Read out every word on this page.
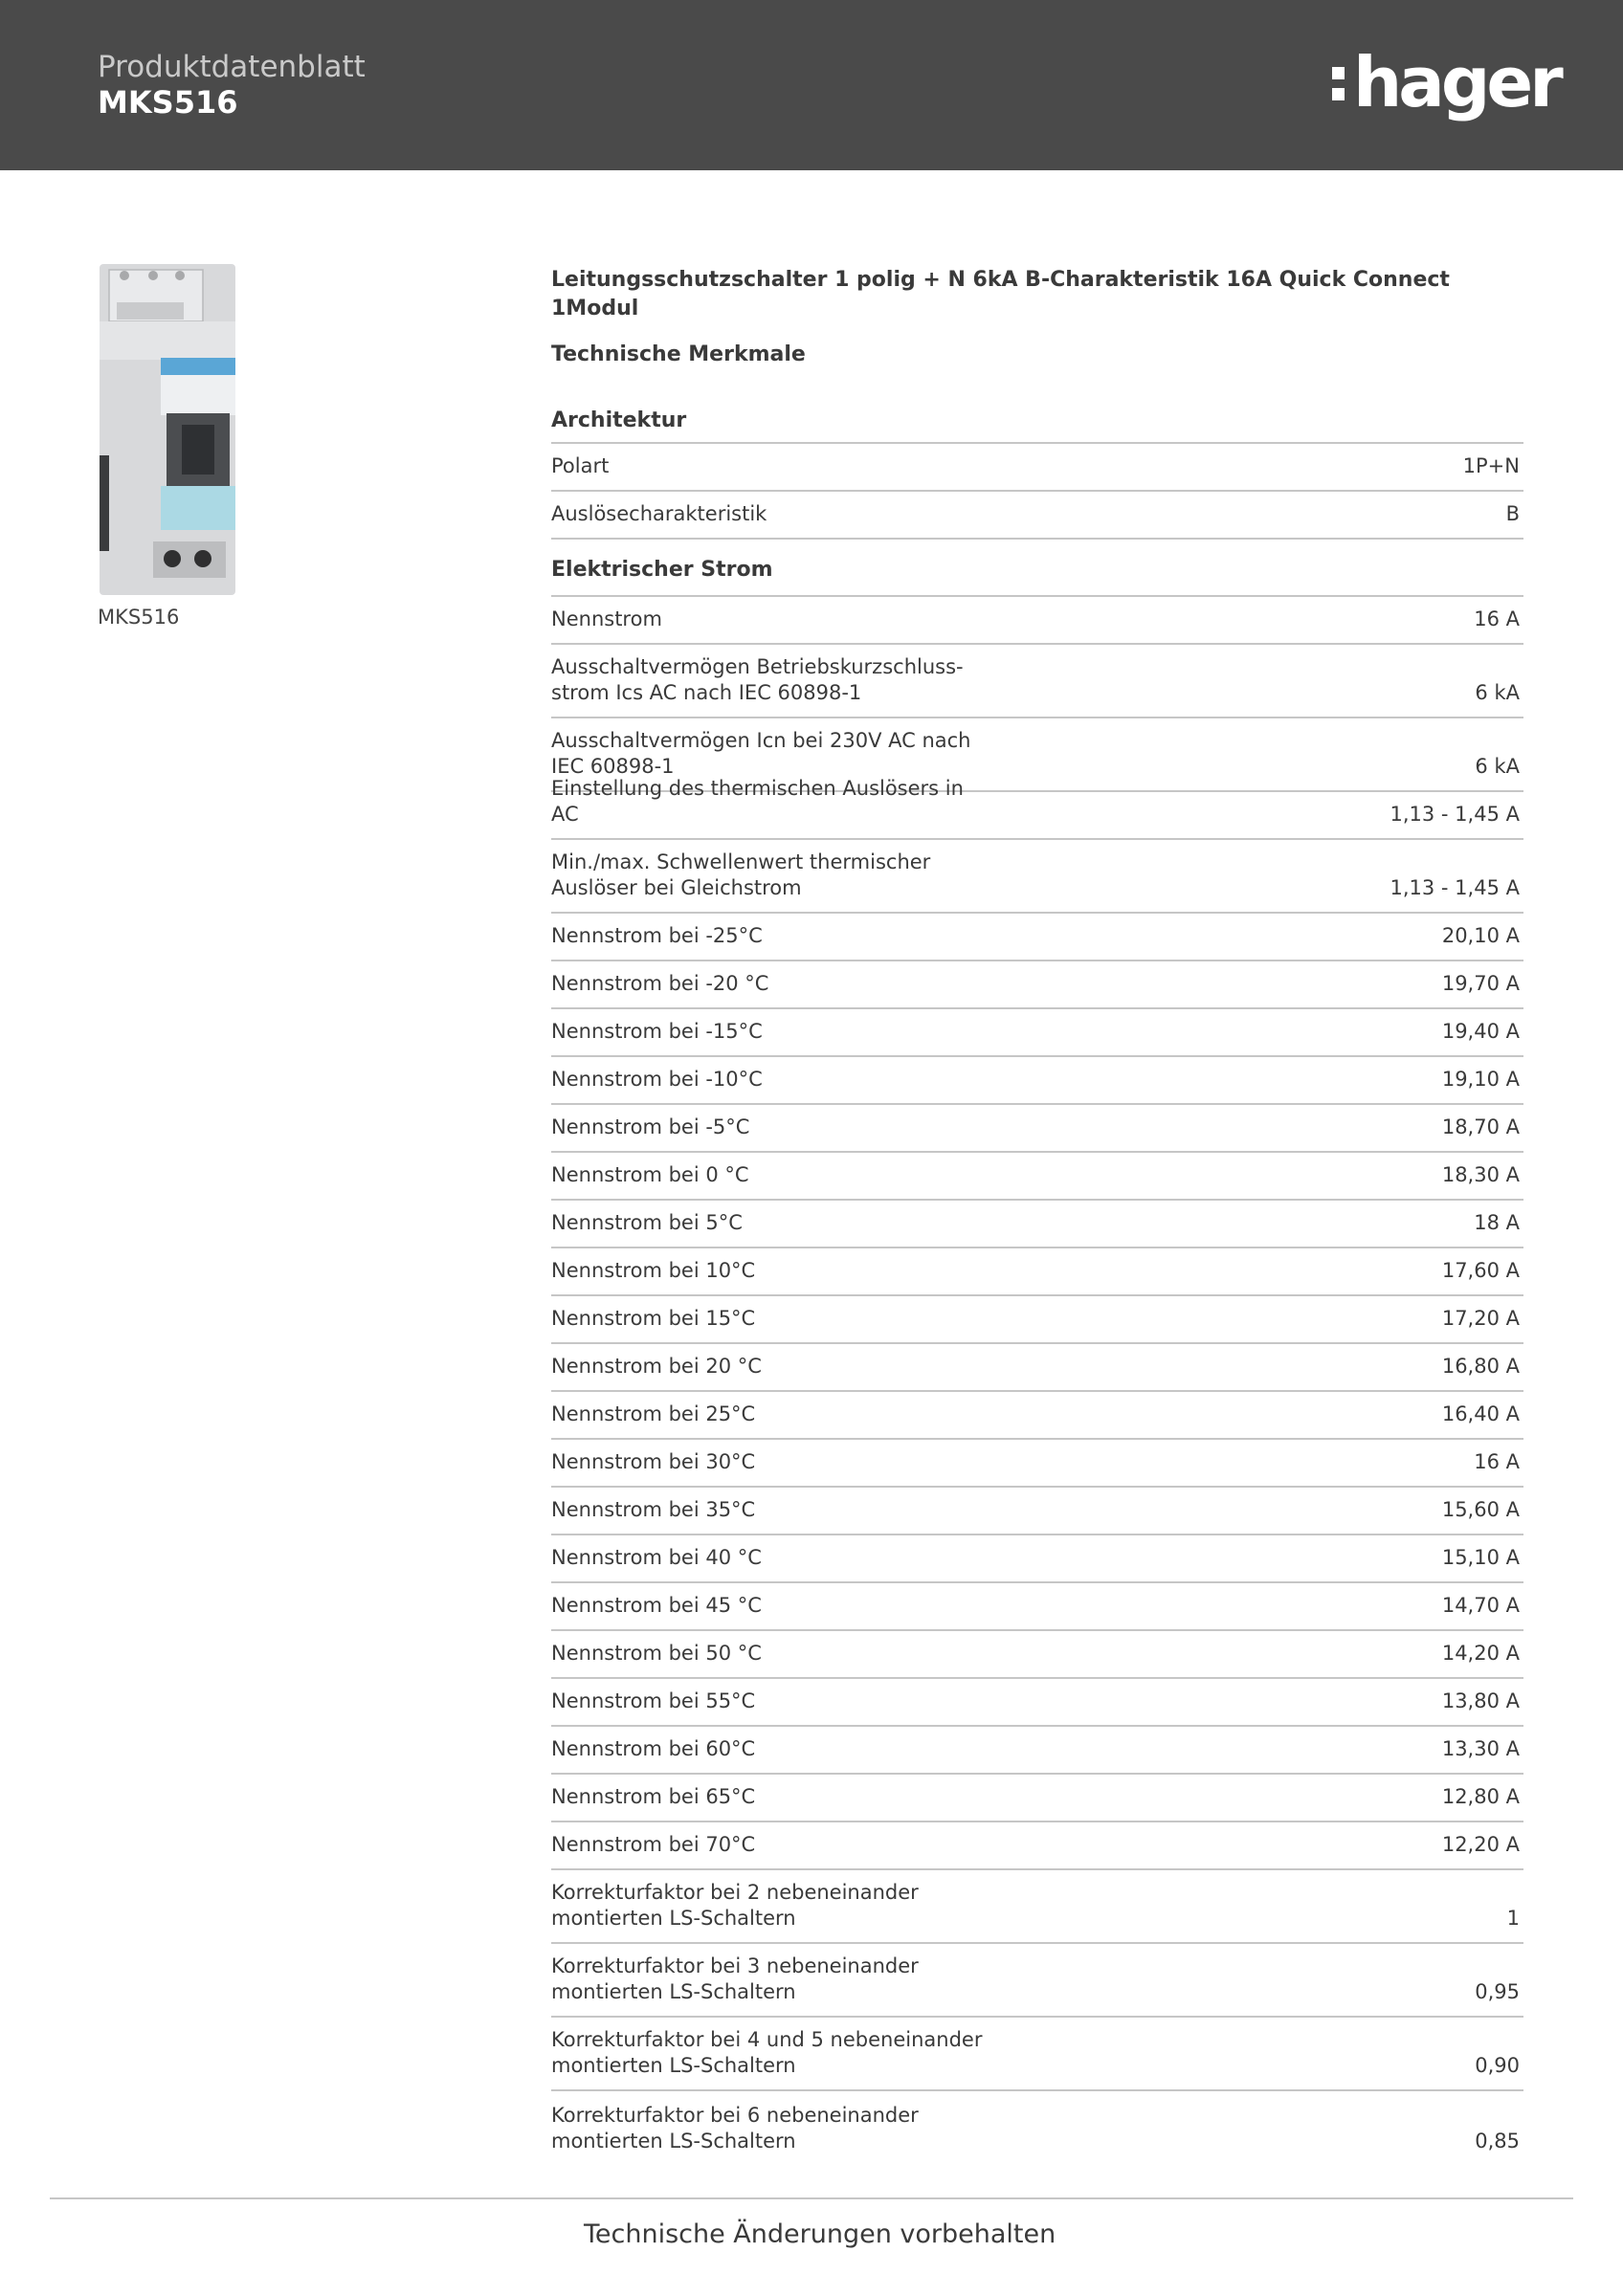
Produktdatenblatt
MKS516	hager
MKS516
Leitungsschutzschalter 1 polig + N 6kA B-Charakteristik 16A Quick Connect 1Modul
Technische Merkmale
Architektur
Polart	1P+N
Auslösecharakteristik	B
Elektrischer Strom
Nennstrom	16 A
Ausschaltvermögen Betriebskurzschluss-
strom Ics AC nach IEC 60898-1	6 kA
Ausschaltvermögen Icn bei 230V AC nach
IEC 60898-1	6 kA
Einstellung des thermischen Auslösers in AC	1,13 - 1,45 A
Min./max. Schwellenwert thermischer
Auslöser bei Gleichstrom	1,13 - 1,45 A
Nennstrom bei -25°C	20,10 A
Nennstrom bei -20 °C	19,70 A
Nennstrom bei -15°C	19,40 A
Nennstrom bei -10°C	19,10 A
Nennstrom bei -5°C	18,70 A
Nennstrom bei 0 °C	18,30 A
Nennstrom bei 5°C	18 A
Nennstrom bei 10°C	17,60 A
Nennstrom bei 15°C	17,20 A
Nennstrom bei 20 °C	16,80 A
Nennstrom bei 25°C	16,40 A
Nennstrom bei 30°C	16 A
Nennstrom bei 35°C	15,60 A
Nennstrom bei 40 °C	15,10 A
Nennstrom bei 45 °C	14,70 A
Nennstrom bei 50 °C	14,20 A
Nennstrom bei 55°C	13,80 A
Nennstrom bei 60°C	13,30 A
Nennstrom bei 65°C	12,80 A
Nennstrom bei 70°C	12,20 A
Korrekturfaktor bei 2 nebeneinander
montierten LS-Schaltern	1
Korrekturfaktor bei 3 nebeneinander
montierten LS-Schaltern	0,95
Korrekturfaktor bei 4 und 5 nebeneinander
montierten LS-Schaltern	0,90
Korrekturfaktor bei 6 nebeneinander
montierten LS-Schaltern	0,85
Technische Änderungen vorbehalten
